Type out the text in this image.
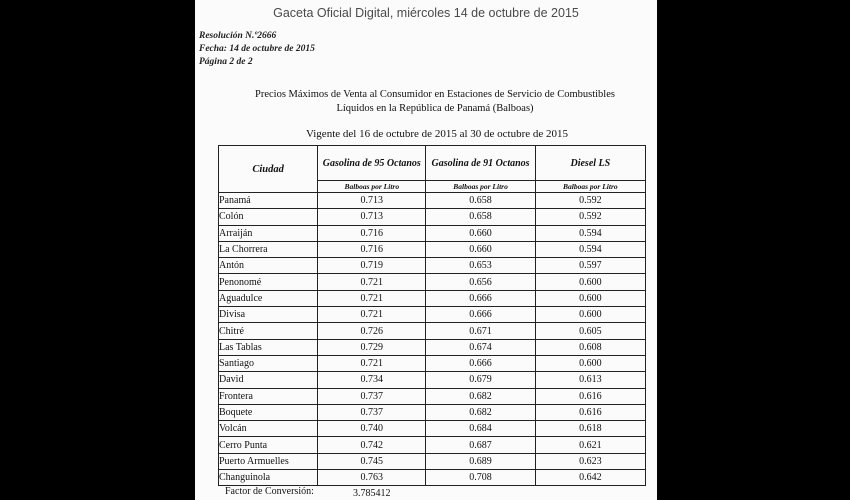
Gaceta Oficial Digital, miércoles 14 de octubre de 2015
Resolución N.º2666
Fecha: 14 de octubre de 2015
Página 2 de 2
Precios Máximos de Venta al Consumidor en Estaciones de Servicio de Combustibles
Líquidos en la República de Panamá (Balboas)
Vigente del 16 de octubre de 2015 al 30 de octubre de 2015
Ciudad	Gasolina de 95 Octanos	Gasolina de 91 Octanos	Diesel LS
	Balboas por Litro	Balboas por Litro	Balboas por Litro
Panamá	0.713	0.658	0.592
Colón	0.713	0.658	0.592
Arraiján	0.716	0.660	0.594
La Chorrera	0.716	0.660	0.594
Antón	0.719	0.653	0.597
Penonomé	0.721	0.656	0.600
Aguadulce	0.721	0.666	0.600
Divisa	0.721	0.666	0.600
Chitré	0.726	0.671	0.605
Las Tablas	0.729	0.674	0.608
Santiago	0.721	0.666	0.600
David	0.734	0.679	0.613
Frontera	0.737	0.682	0.616
Boquete	0.737	0.682	0.616
Volcán	0.740	0.684	0.618
Cerro Punta	0.742	0.687	0.621
Puerto Armuelles	0.745	0.689	0.623
Changuinola	0.763	0.708	0.642
Factor de Conversión:	3.785412
